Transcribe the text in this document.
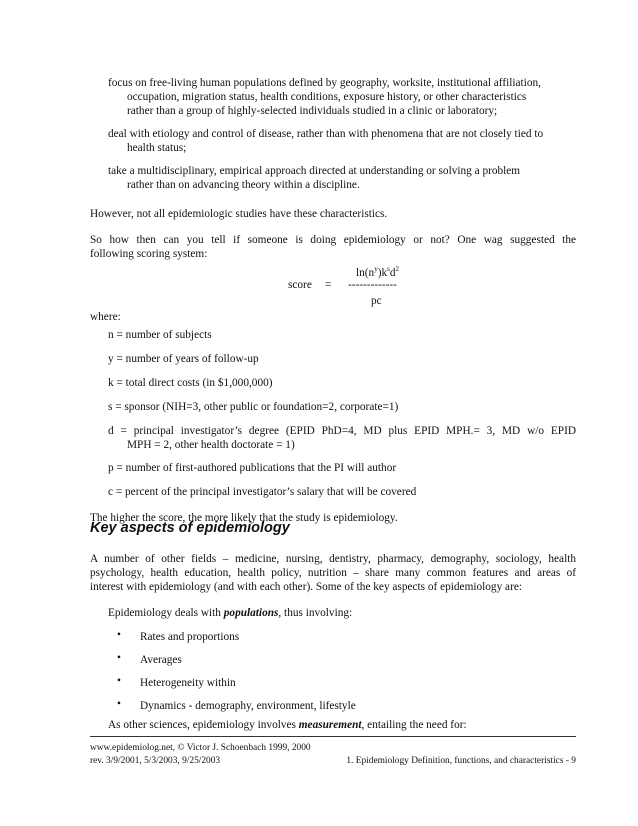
focus on free-living human populations defined by geography, worksite, institutional affiliation,
occupation, migration status, health conditions, exposure history, or other characteristics
rather than a group of highly-selected individuals studied in a clinic or laboratory;
deal with etiology and control of disease, rather than with phenomena that are not closely tied to
health status;
take a multidisciplinary, empirical approach directed at understanding or solving a problem
rather than on advancing theory within a discipline.
However, not all epidemiologic studies have these characteristics.
So how then can you tell if someone is doing epidemiology or not? One wag suggested the
following scoring system:
$\ln(n^y)k^sd^2$
score = -------------
pc
where:
n = number of subjects
y = number of years of follow-up
k = total direct costs (in $1,000,000)
s = sponsor (NIH=3, other public or foundation=2, corporate=1)
d = principal investigator’s degree (EPID PhD=4, MD plus EPID MPH.= 3, MD w/o EPID
MPH = 2, other health doctorate = 1)
p = number of first-authored publications that the PI will author
c = percent of the principal investigator’s salary that will be covered
The higher the score, the more likely that the study is epidemiology.
Key aspects of epidemiology
A number of other fields – medicine, nursing, dentistry, pharmacy, demography, sociology, health
psychology, health education, health policy, nutrition – share many common features and areas of
interest with epidemiology (and with each other). Some of the key aspects of epidemiology are:
Epidemiology deals with populations, thus involving:
• Rates and proportions
• Averages
• Heterogeneity within
• Dynamics - demography, environment, lifestyle
As other sciences, epidemiology involves measurement, entailing the need for:
www.epidemiolog.net, © Victor J. Schoenbach 1999, 2000
rev. 3/9/2001, 5/3/2003, 9/25/2003	1. Epidemiology Definition, functions, and characteristics - 9
